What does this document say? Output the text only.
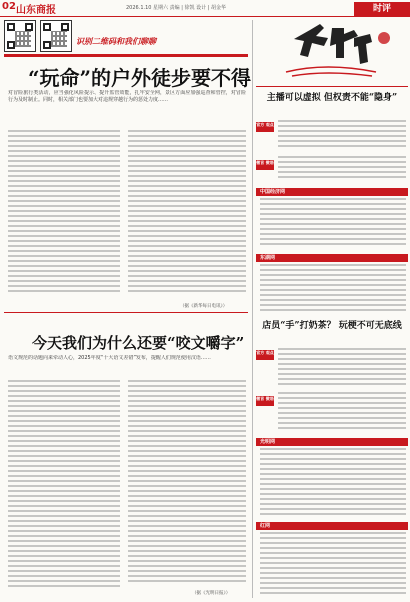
02 山东商报	2026.1.10 星期六 责编 | 徐凯 设计 | 胡金华	时评
识别二维码和我们聊聊
“玩命”的户外徒步要不得
对冒险旅行类活动，应当强化风险提示、提升监管效能，扎牢安全网，景区方面应加强巡查和管控，对冒险行为及时制止。同时，相关部门也要加大对违规穿越行为的惩处力度……
（据《新华每日电讯》）
今天我们为什么还要“咬文嚼字”
语文规范的话题向来牵动人心，2025年度“十大语文差错”发布，提醒人们规范使用汉语……
（据《光明日报》）
主播可以虚拟 但权责不能“隐身”
官方 观点
微言 微语
中国经济网
东湖网
店员“手”打奶茶？ 玩梗不可无底线
官方 观点
微言 微语
光明网
红网
